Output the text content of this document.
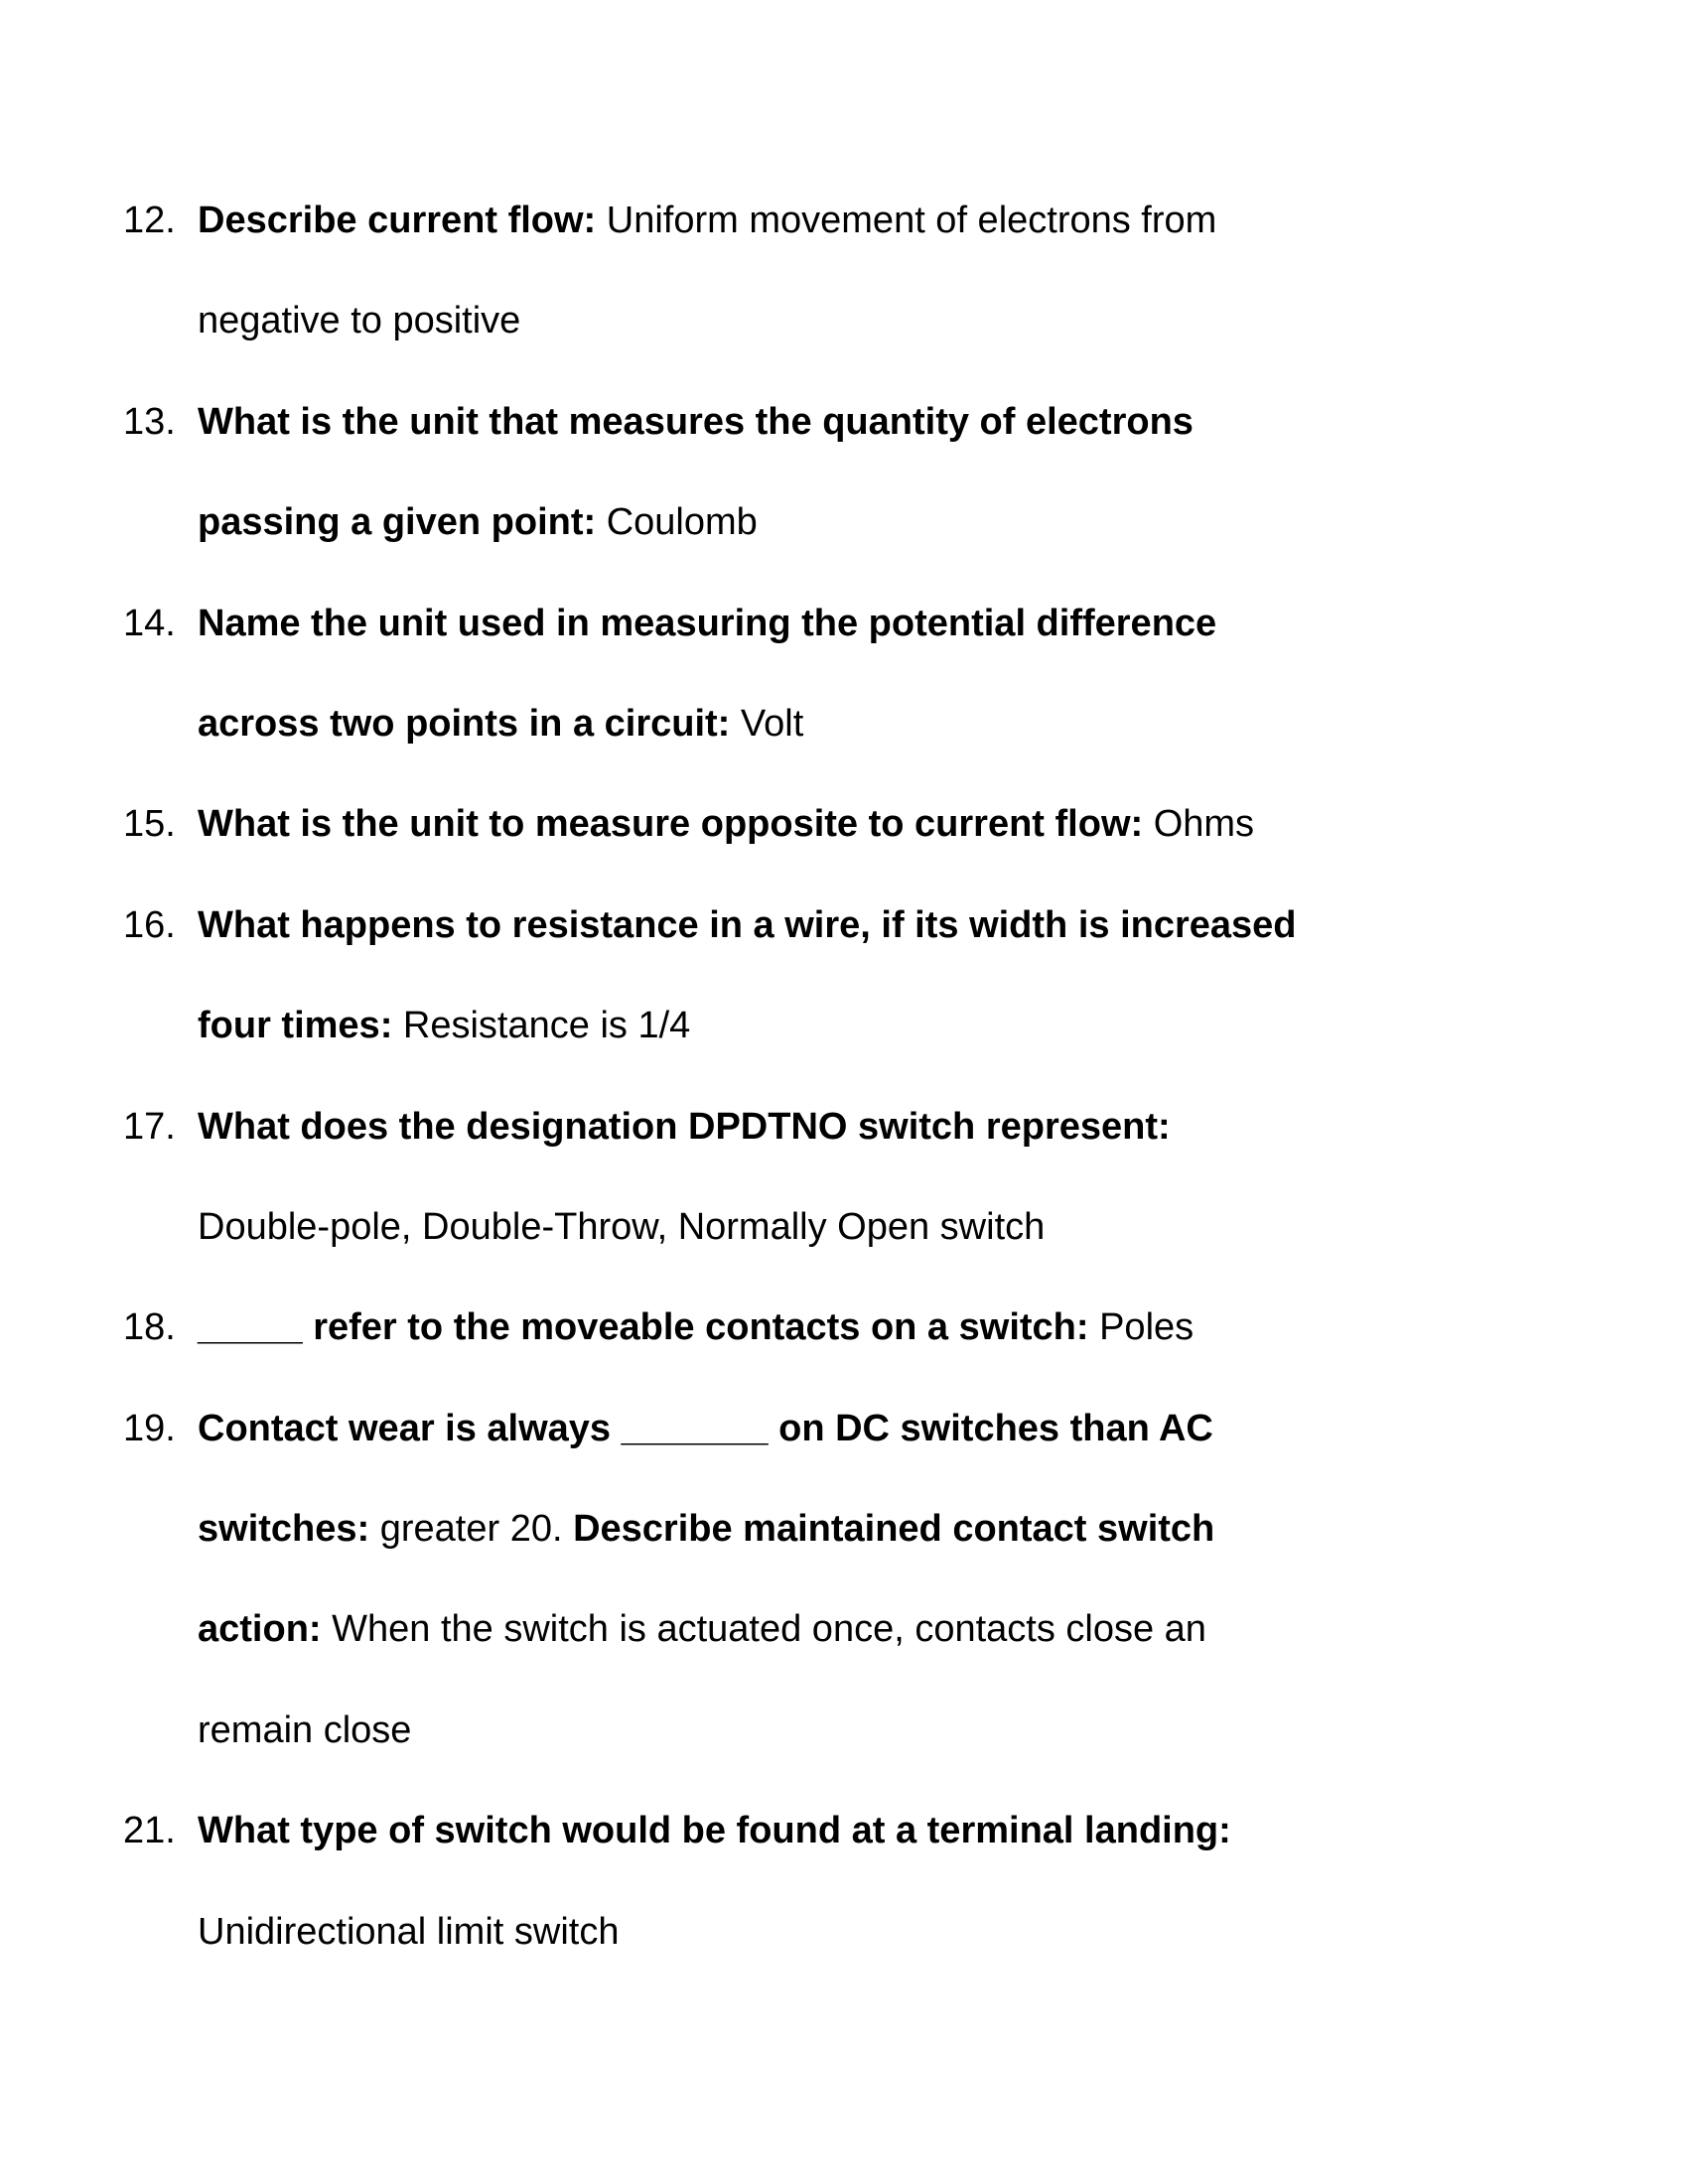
12. Describe current flow: Uniform movement of electrons from
negative to positive
13. What is the unit that measures the quantity of electrons
passing a given point: Coulomb
14. Name the unit used in measuring the potential difference
across two points in a circuit: Volt
15. What is the unit to measure opposite to current flow: Ohms
16. What happens to resistance in a wire, if its width is increased
four times: Resistance is 1/4
17. What does the designation DPDTNO switch represent:
Double-pole, Double-Throw, Normally Open switch
18. _____ refer to the moveable contacts on a switch: Poles
19. Contact wear is always _______ on DC switches than AC
switches: greater 20. Describe maintained contact switch
action: When the switch is actuated once, contacts close an
remain close
21. What type of switch would be found at a terminal landing:
Unidirectional limit switch
